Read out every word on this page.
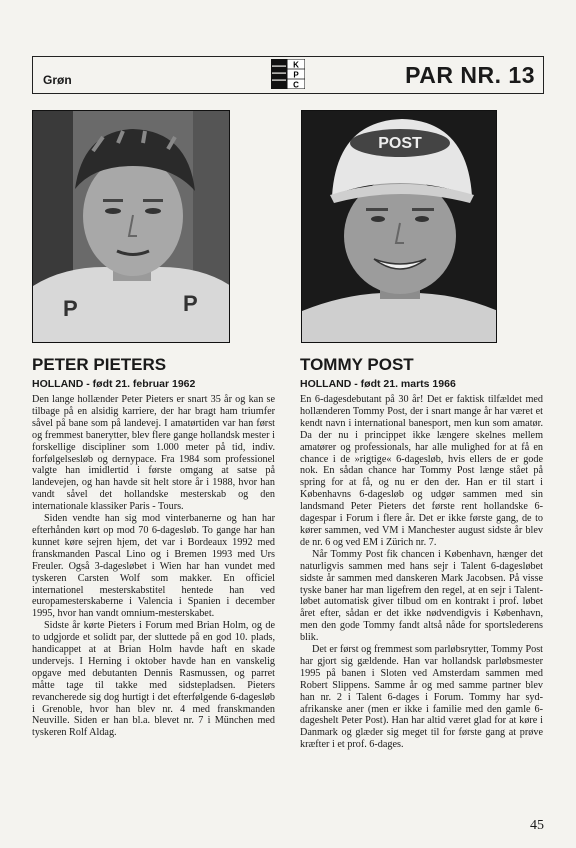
Grøn
K
P
C	PAR NR. 13
P	P
POST
PETER PIETERS
HOLLAND - født 21. februar 1962

Den lange hollænder Peter Pieters er snart 35 år og kan se tilbage på en alsidig karriere, der har bragt ham triumfer såvel på bane som på landevej. I amatørtiden var han først og fremmest banerytter, blev flere gange hollandsk mester i forskellige discipliner som 1.000 meter på tid, indiv. forfølgelsesløb og dernypace. Fra 1984 som professionel valgte han imidlertid i første omgang at satse på landevejen, og han havde sit helt store år i 1988, hvor han vandt såvel det hollandske mesterskab og den internationale klassiker Paris - Tours.

Siden vendte han sig mod vinterbanerne og han har efterhånden kørt op mod 70 6-dagesløb. To gange har han kunnet køre sejren hjem, det var i Bordeaux 1992 med franskmanden Pascal Lino og i Bremen 1993 med Urs Freuler. Også 3-dagesløbet i Wien har han vundet med tyskeren Carsten Wolf som makker. En officiel internationel mesterskabstitel hentede han ved europamesterskaberne i Valencia i Spanien i december 1995, hvor han vandt omnium-mesterskabet.

Sidste år kørte Pieters i Forum med Brian Holm, og de to udgjorde et solidt par, der sluttede på en god 10. plads, handicappet at at Brian Holm havde haft en skade undervejs. I Herning i oktober havde han en vanskelig opgave med debutanten Dennis Rasmussen, og parret måtte tage til takke med sidstepladsen. Pieters revancherede sig dog hurtigt i det efterfølgende 6-dagesløb i Grenoble, hvor han blev nr. 4 med franskmanden Neuville. Siden er han bl.a. blevet nr. 7 i München med tyskeren Rolf Aldag.

TOMMY POST
HOLLAND - født 21. marts 1966

En 6-dagesdebutant på 30 år! Det er faktisk tilfældet med hollænderen Tommy Post, der i snart mange år har været et kendt navn i international banesport, men kun som amatør. Da der nu i princippet ikke længere skelnes mellem amatører og professionals, har alle mulighed for at få en chance i de »rigtige« 6-dagesløb, hvis ellers de er gode nok. En sådan chance har Tommy Post længe stået på spring for at få, og nu er den der. Han er til start i Københavns 6-dagesløb og udgør sammen med sin landsmand Peter Pieters det første rent hollandske 6-dagespar i Forum i flere år. Det er ikke første gang, de to kører sammen, ved VM i Manchester august sidste år blev de nr. 6 og ved EM i Zürich nr. 7.

Når Tommy Post fik chancen i København, hænger det naturligvis sammen med hans sejr i Talent 6-dagesløbet sidste år sammen med danskeren Mark Jacobsen. På visse tyske baner har man ligefrem den regel, at en sejr i Talent-løbet automatisk giver tilbud om en kontrakt i prof. løbet året efter, sådan er det ikke nødvendigvis i København, men den gode Tommy fandt altså nåde for sportslederens blik.

Det er først og fremmest som parløbsrytter, Tommy Post har gjort sig gældende. Han var hollandsk parløbsmester 1995 på banen i Sloten ved Amsterdam sammen med Robert Slippens. Samme år og med samme partner blev han nr. 2 i Talent 6-dages i Forum. Tommy har syd-afrikanske aner (men er ikke i familie med den gamle 6-dageshelt Peter Post). Han har altid været glad for at køre i Danmark og glæder sig meget til for første gang at prøve kræfter i et prof. 6-dages.

45
